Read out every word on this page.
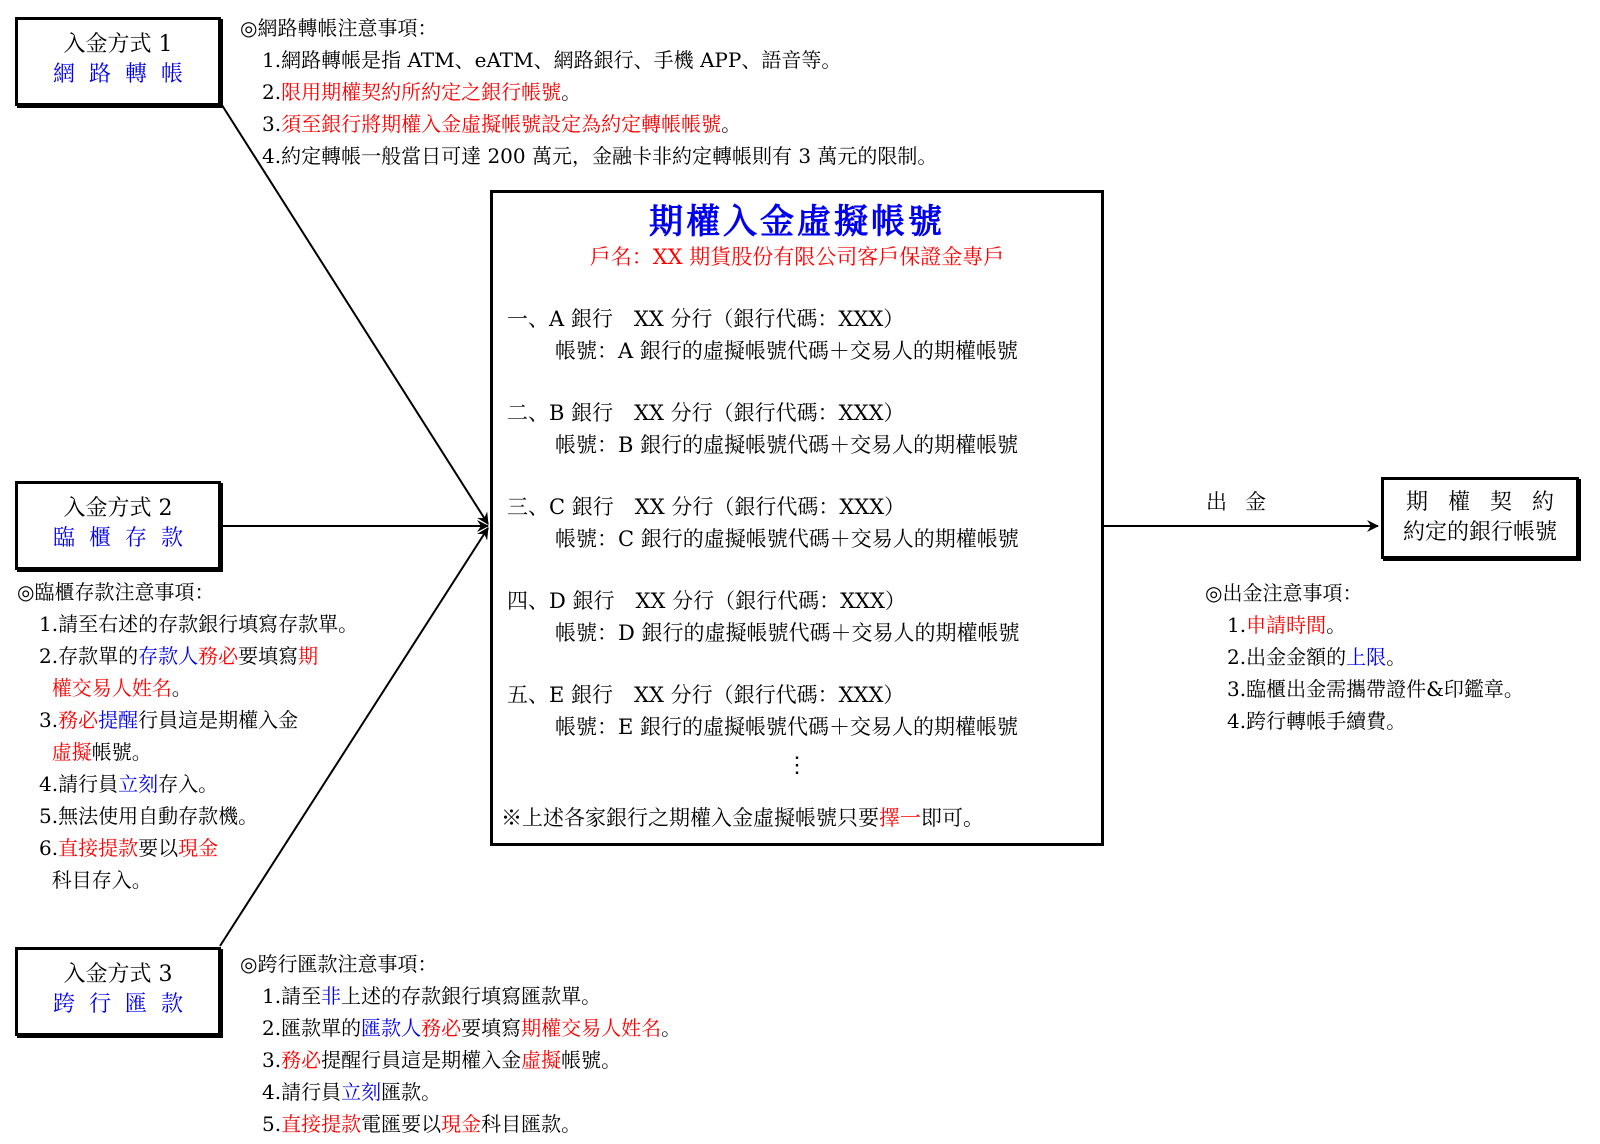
入金方式 1
網路轉帳
入金方式 2
臨櫃存款
入金方式 3
跨行匯款
◎網路轉帳注意事項：
1.網路轉帳是指 ATM、eATM、網路銀行、手機 APP、語音等。
2.限用期權契約所約定之銀行帳號。
3.須至銀行將期權入金虛擬帳號設定為約定轉帳帳號。
4.約定轉帳一般當日可達 200 萬元，金融卡非約定轉帳則有 3 萬元的限制。
◎臨櫃存款注意事項：
1.請至右述的存款銀行填寫存款單。
2.存款單的存款人務必要填寫期
權交易人姓名。
3.務必提醒行員這是期權入金
虛擬帳號。
4.請行員立刻存入。
5.無法使用自動存款機。
6.直接提款要以現金
科目存入。
◎跨行匯款注意事項：
1.請至非上述的存款銀行填寫匯款單。
2.匯款單的匯款人務必要填寫期權交易人姓名。
3.務必提醒行員這是期權入金虛擬帳號。
4.請行員立刻匯款。
5.直接提款電匯要以現金科目匯款。
期權入金虛擬帳號
戶名：XX 期貨股份有限公司客戶保證金專戶
一、A 銀行　XX 分行（銀行代碼：XXX）
帳號：A 銀行的虛擬帳號代碼＋交易人的期權帳號
二、B 銀行　XX 分行（銀行代碼：XXX）
帳號：B 銀行的虛擬帳號代碼＋交易人的期權帳號
三、C 銀行　XX 分行（銀行代碼：XXX）
帳號：C 銀行的虛擬帳號代碼＋交易人的期權帳號
四、D 銀行　XX 分行（銀行代碼：XXX）
帳號：D 銀行的虛擬帳號代碼＋交易人的期權帳號
五、E 銀行　XX 分行（銀行代碼：XXX）
帳號：E 銀行的虛擬帳號代碼＋交易人的期權帳號
⋮
※上述各家銀行之期權入金虛擬帳號只要擇一即可。
出金	期權契約
約定的銀行帳號
◎出金注意事項：
1.申請時間。
2.出金金額的上限。
3.臨櫃出金需攜帶證件&印鑑章。
4.跨行轉帳手續費。
